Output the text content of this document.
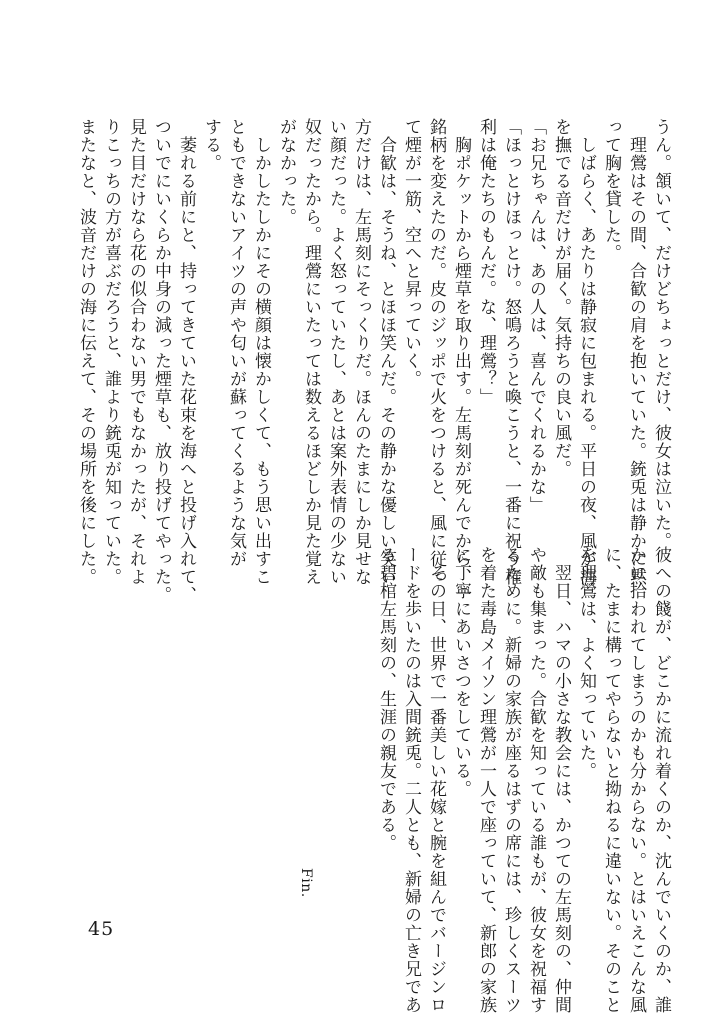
うん。頷いて、だけどちょっとだけ、彼女は泣いた。

　理鶯はその間、合歓の肩を抱いていた。銃兎は静かに黙

って胸を貸した。

　しばらく、あたりは静寂に包まれる。平日の夜、風が海

を撫でる音だけが届く。気持ちの良い風だ。

「お兄ちゃんは、あの人は、喜んでくれるかな」

「ほっとけほっとけ。怒鳴ろうと喚こうと、一番に祝う権

利は俺たちのもんだ。な、理鶯？」

　胸ポケットから煙草を取り出す。左馬刻が死んでから、

銘柄を変えたのだ。皮のジッポで火をつけると、風に従っ

て煙が一筋、空へと昇っていく。

　合歓は、そうね、とほほ笑んだ。その静かな優しい笑い

方だけは、左馬刻にそっくりだ。ほんのたまにしか見せな

い顔だった。よく怒っていたし、あとは案外表情の少ない

奴だったから。理鶯にいたっては数えるほどしか見た覚え

がなかった。

　しかしたしかにその横顔は懐かしくて、もう思い出すこ

ともできないアイツの声や匂いが蘇ってくるような気が

する。

　萎れる前にと、持ってきていた花束を海へと投げ入れて、

ついでにいくらか中身の減った煙草も、放り投げてやった。

見た目だけなら花の似合わない男でもなかったが、それよ

りこっちの方が喜ぶだろうと、誰より銃兎が知っていた。

またなと、波音だけの海に伝えて、その場所を後にした。

彼への餞が、どこかに流れ着くのか、沈んでいくのか、誰

かに拾われてしまうのかも分からない。とはいえこんな風

に、たまに構ってやらないと拗ねるに違いない。そのこと

を理鶯は、よく知っていた。

　翌日、ハマの小さな教会には、かつての左馬刻の、仲間

や敵も集まった。合歓を知っている誰もが、彼女を祝福す

るために。新婦の家族が座るはずの席には、珍しくスーツ

を着た毒島メイソン理鶯が一人で座っていて、新郎の家族

に丁寧にあいさつをしている。

　その日、世界で一番美しい花嫁と腕を組んでバージンロ

ードを歩いたのは入間銃兎。二人とも、新婦の亡き兄であ

る碧棺左馬刻の、生涯の親友である。

Fin.
45
